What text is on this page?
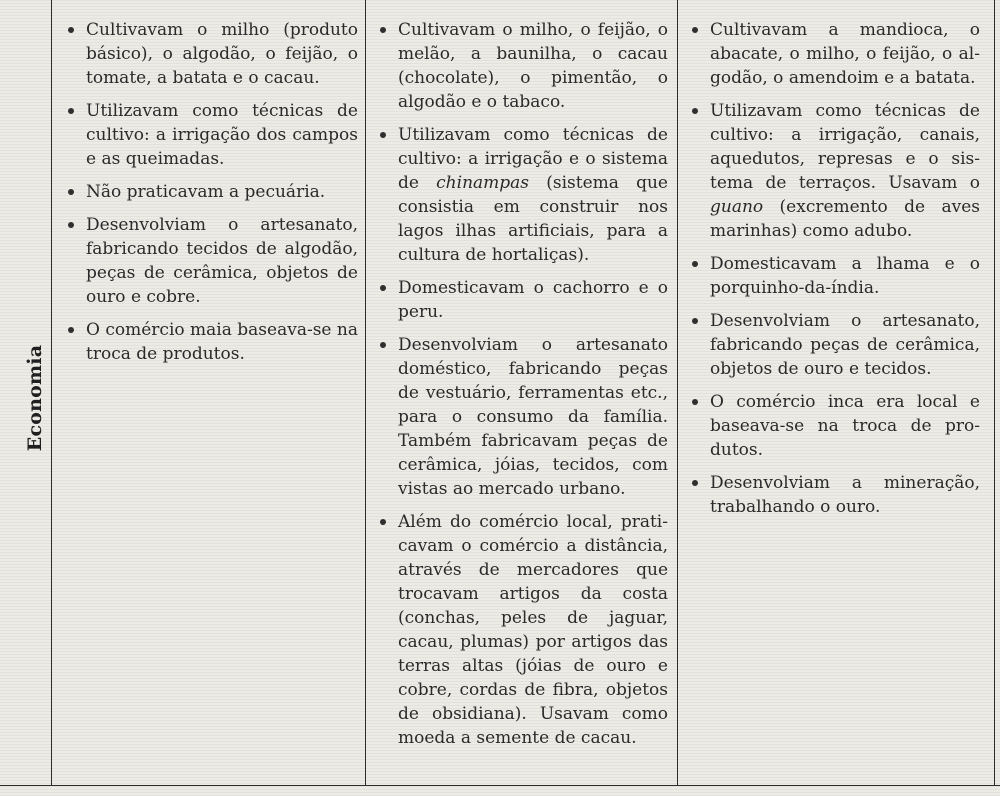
Economia
Cultivavam o milho (produto básico), o algodão, o feijão, o tomate, a batata e o cacau.
Utilizavam como técnicas de cultivo: a irrigação dos campos e as queimadas.
Não praticavam a pecuária.
Desenvolviam o artesanato, fabricando tecidos de algodão, peças de cerâmica, objetos de ouro e cobre.
O comércio maia baseava-se na troca de produtos.
Cultivavam o milho, o feijão, o melão, a baunilha, o cacau (chocolate), o pimentão, o algodão e o tabaco.
Utilizavam como técnicas de cultivo: a irrigação e o sistema de chinampas (sistema que consistia em construir nos lagos ilhas artificiais, para a cultura de hortaliças).
Domesticavam o cachorro e o peru.
Desenvolviam o artesanato doméstico, fabricando peças de vestuário, ferramentas etc., para o consumo da família. Também fabricavam peças de cerâmica, jóias, tecidos, com vistas ao mercado urbano.
Além do comércio local, praticavam o comércio a distância, através de mercadores que trocavam artigos da costa (conchas, peles de jaguar, cacau, plumas) por artigos das terras altas (jóias de ouro e cobre, cordas de fibra, objetos de obsidiana). Usavam como moeda a semente de cacau.
Cultivavam a mandioca, o abacate, o milho, o feijão, o algodão, o amendoim e a batata.
Utilizavam como técnicas de cultivo: a irrigação, canais, aquedutos, represas e o sistema de terraços. Usavam o guano (excremento de aves marinhas) como adubo.
Domesticavam a lhama e o porquinho-da-índia.
Desenvolviam o artesanato, fabricando peças de cerâmica, objetos de ouro e tecidos.
O comércio inca era local e baseava-se na troca de produtos.
Desenvolviam a mineração, trabalhando o ouro.
